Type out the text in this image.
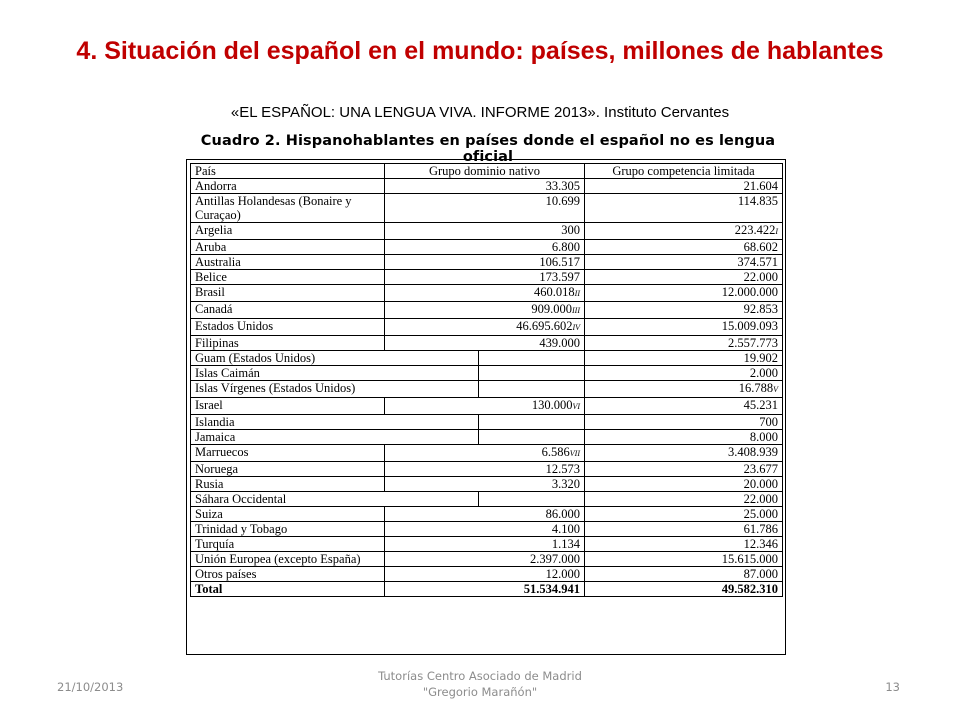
4. Situación del español en el mundo: países, millones de hablantes
«EL ESPAÑOL: UNA LENGUA VIVA. INFORME 2013». Instituto Cervantes
Cuadro 2. Hispanohablantes en países donde el español no es lengua oficial
País	Grupo dominio nativo	Grupo competencia limitada
Andorra	33.305	21.604
Antillas Holandesas (Bonaire y Curaçao)	10.699	114.835
Argelia	300	223.422I
Aruba	6.800	68.602
Australia	106.517	374.571
Belice	173.597	22.000
Brasil	460.018II	12.000.000
Canadá	909.000III	92.853
Estados Unidos	46.695.602IV	15.009.093
Filipinas	439.000	2.557.773
Guam (Estados Unidos)		19.902
Islas Caimán		2.000
Islas Vírgenes (Estados Unidos)		16.788V
Israel	130.000VI	45.231
Islandia		700
Jamaica		8.000
Marruecos	6.586VII	3.408.939
Noruega	12.573	23.677
Rusia	3.320	20.000
Sáhara Occidental		22.000
Suiza	86.000	25.000
Trinidad y Tobago	4.100	61.786
Turquía	1.134	12.346
Unión Europea (excepto España)	2.397.000	15.615.000
Otros países	12.000	87.000
Total	51.534.941	49.582.310
21/10/2013
Tutorías Centro Asociado de Madrid
"Gregorio Marañón"	13
